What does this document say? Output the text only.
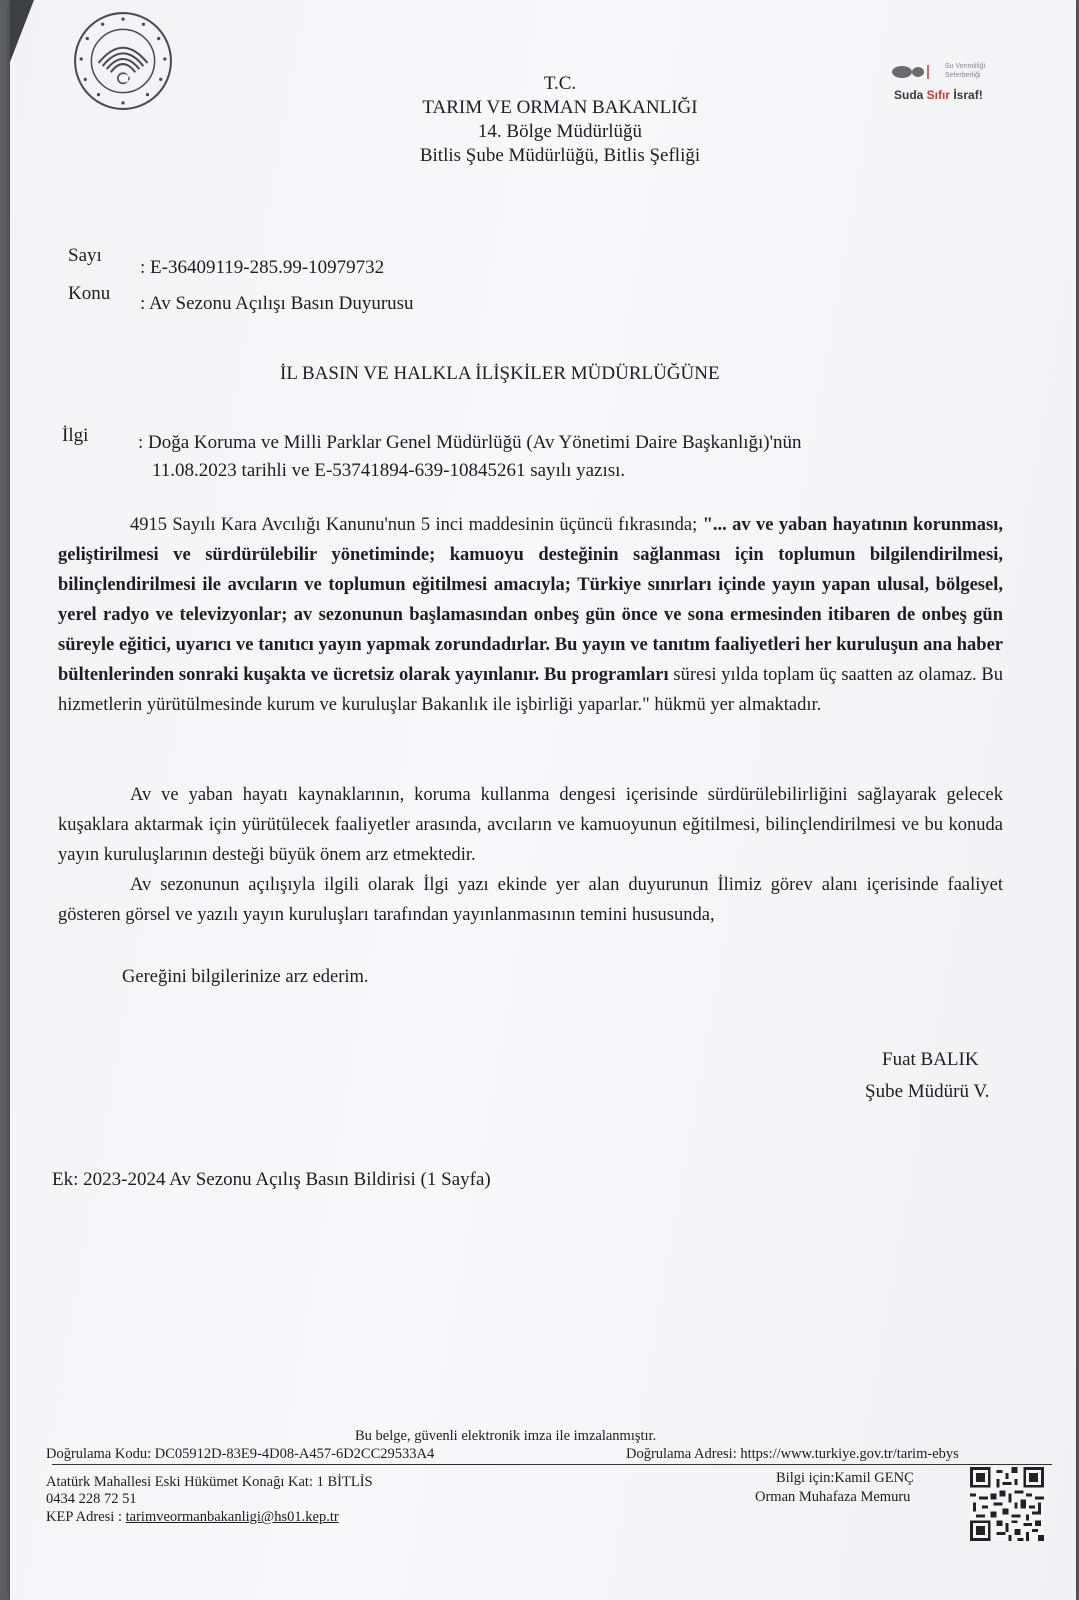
Su Verimliliği
Seferberliği
Suda Sıfır İsraf!
T.C.
TARIM VE ORMAN BAKANLIĞI
14. Bölge Müdürlüğü
Bitlis Şube Müdürlüğü, Bitlis Şefliği
Sayı
: E-36409119-285.99-10979732
Konu : Av Sezonu Açılışı Basın Duyurusu
İL BASIN VE HALKLA İLİŞKİLER MÜDÜRLÜĞÜNE
İlgi	: Doğa Koruma ve Milli Parklar Genel Müdürlüğü (Av Yönetimi Daire Başkanlığı)'nün
11.08.2023 tarihli ve E-53741894-639-10845261 sayılı yazısı.
4915 Sayılı Kara Avcılığı Kanunu'nun 5 inci maddesinin üçüncü fıkrasında; "... av ve yaban hayatının korunması, geliştirilmesi ve sürdürülebilir yönetiminde; kamuoyu desteğinin sağlanması için toplumun bilgilendirilmesi, bilinçlendirilmesi ile avcıların ve toplumun eğitilmesi amacıyla; Türkiye sınırları içinde yayın yapan ulusal, bölgesel, yerel radyo ve televizyonlar; av sezonunun başlamasından onbeş gün önce ve sona ermesinden itibaren de onbeş gün süreyle eğitici, uyarıcı ve tanıtıcı yayın yapmak zorundadırlar. Bu yayın ve tanıtım faaliyetleri her kuruluşun ana haber bültenlerinden sonraki kuşakta ve ücretsiz olarak yayınlanır. Bu programları süresi yılda toplam üç saatten az olamaz. Bu hizmetlerin yürütülmesinde kurum ve kuruluşlar Bakanlık ile işbirliği yaparlar." hükmü yer almaktadır.
Av ve yaban hayatı kaynaklarının, koruma kullanma dengesi içerisinde sürdürülebilirliğini sağlayarak gelecek kuşaklara aktarmak için yürütülecek faaliyetler arasında, avcıların ve kamuoyunun eğitilmesi, bilinçlendirilmesi ve bu konuda yayın kuruluşlarının desteği büyük önem arz etmektedir.
Av sezonunun açılışıyla ilgili olarak İlgi yazı ekinde yer alan duyurunun İlimiz görev alanı içerisinde faaliyet gösteren görsel ve yazılı yayın kuruluşları tarafından yayınlanmasının temini hususunda,
Gereğini bilgilerinize arz ederim.
Fuat BALIK
Şube Müdürü V.
Ek: 2023-2024 Av Sezonu Açılış Basın Bildirisi (1 Sayfa)
Bu belge, güvenli elektronik imza ile imzalanmıştır.
Doğrulama Kodu: DC05912D-83E9-4D08-A457-6D2CC29533A4	Doğrulama Adresi: https://www.turkiye.gov.tr/tarim-ebys
Atatürk Mahallesi Eski Hükümet Konağı Kat: 1 BİTLİS
0434 228 72 51
KEP Adresi : tarimveormanbakanligi@hs01.kep.tr
Bilgi için:Kamil GENÇ
Orman Muhafaza Memuru
